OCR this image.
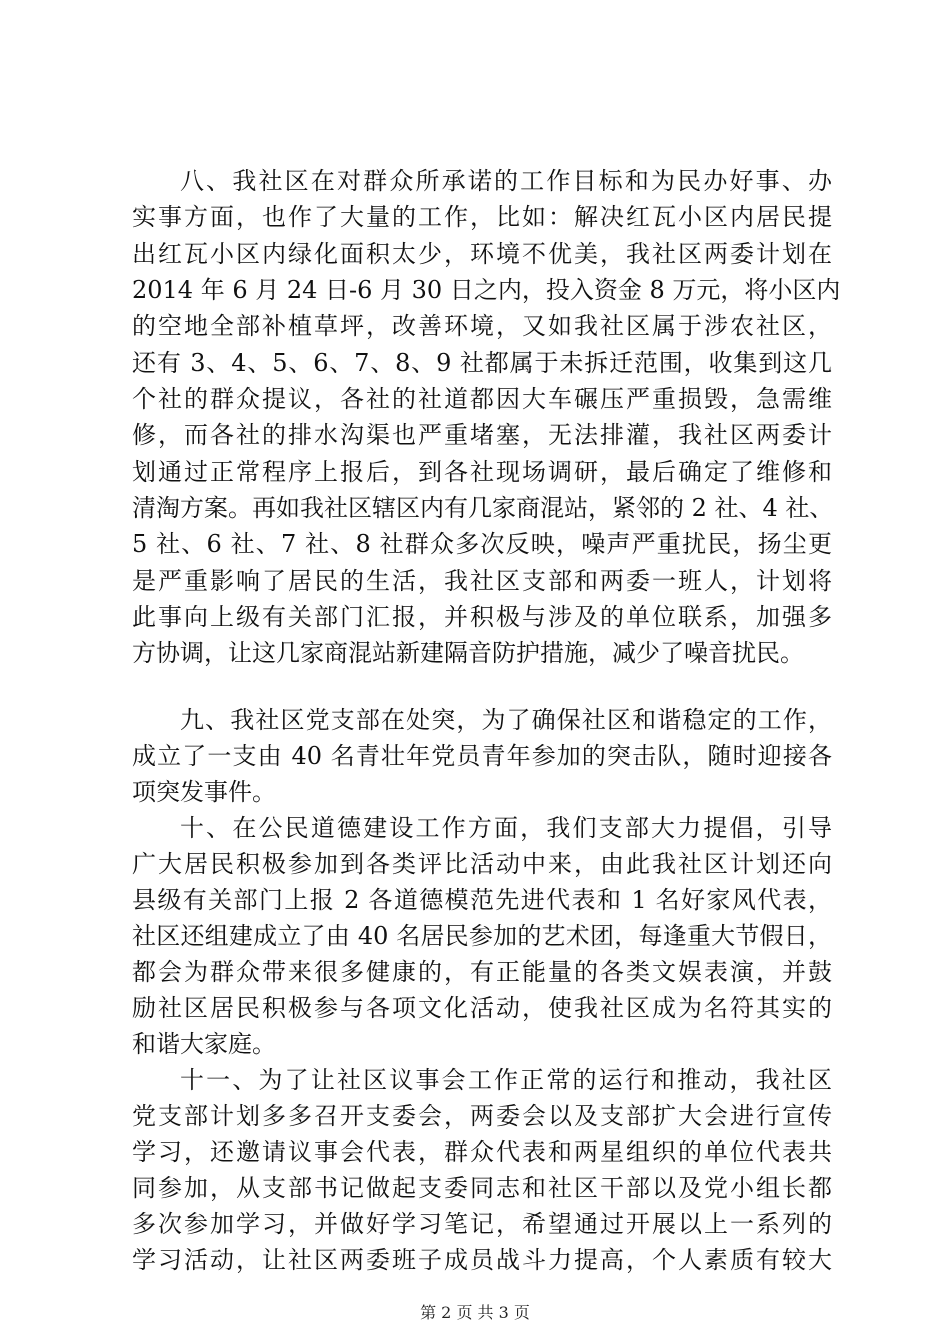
八、我社区在对群众所承诺的工作目标和为民办好事、办
实事方面，也作了大量的工作，比如：解决红瓦小区内居民提
出红瓦小区内绿化面积太少，环境不优美，我社区两委计划在
2014 年 6 月 24 日-6 月 30 日之内，投入资金 8 万元，将小区内
的空地全部补植草坪，改善环境，又如我社区属于涉农社区，
还有 3、4、5、6、7、8、9 社都属于未拆迁范围，收集到这几
个社的群众提议，各社的社道都因大车碾压严重损毁，急需维
修，而各社的排水沟渠也严重堵塞，无法排灌，我社区两委计
划通过正常程序上报后，到各社现场调研，最后确定了维修和
清淘方案。再如我社区辖区内有几家商混站，紧邻的 2 社、4 社、
5 社、6 社、7 社、8 社群众多次反映，噪声严重扰民，扬尘更
是严重影响了居民的生活，我社区支部和两委一班人，计划将
此事向上级有关部门汇报，并积极与涉及的单位联系，加强多
方协调，让这几家商混站新建隔音防护措施，减少了噪音扰民。
九、我社区党支部在处突，为了确保社区和谐稳定的工作，
成立了一支由 40 名青壮年党员青年参加的突击队，随时迎接各
项突发事件。
十、在公民道德建设工作方面，我们支部大力提倡，引导
广大居民积极参加到各类评比活动中来，由此我社区计划还向
县级有关部门上报 2 各道德模范先进代表和 1 名好家风代表，
社区还组建成立了由 40 名居民参加的艺术团，每逢重大节假日，
都会为群众带来很多健康的，有正能量的各类文娱表演，并鼓
励社区居民积极参与各项文化活动，使我社区成为名符其实的
和谐大家庭。
十一、为了让社区议事会工作正常的运行和推动，我社区
党支部计划多多召开支委会，两委会以及支部扩大会进行宣传
学习，还邀请议事会代表，群众代表和两星组织的单位代表共
同参加，从支部书记做起支委同志和社区干部以及党小组长都
多次参加学习，并做好学习笔记，希望通过开展以上一系列的
学习活动，让社区两委班子成员战斗力提高，个人素质有较大
第 2 页 共 3 页
